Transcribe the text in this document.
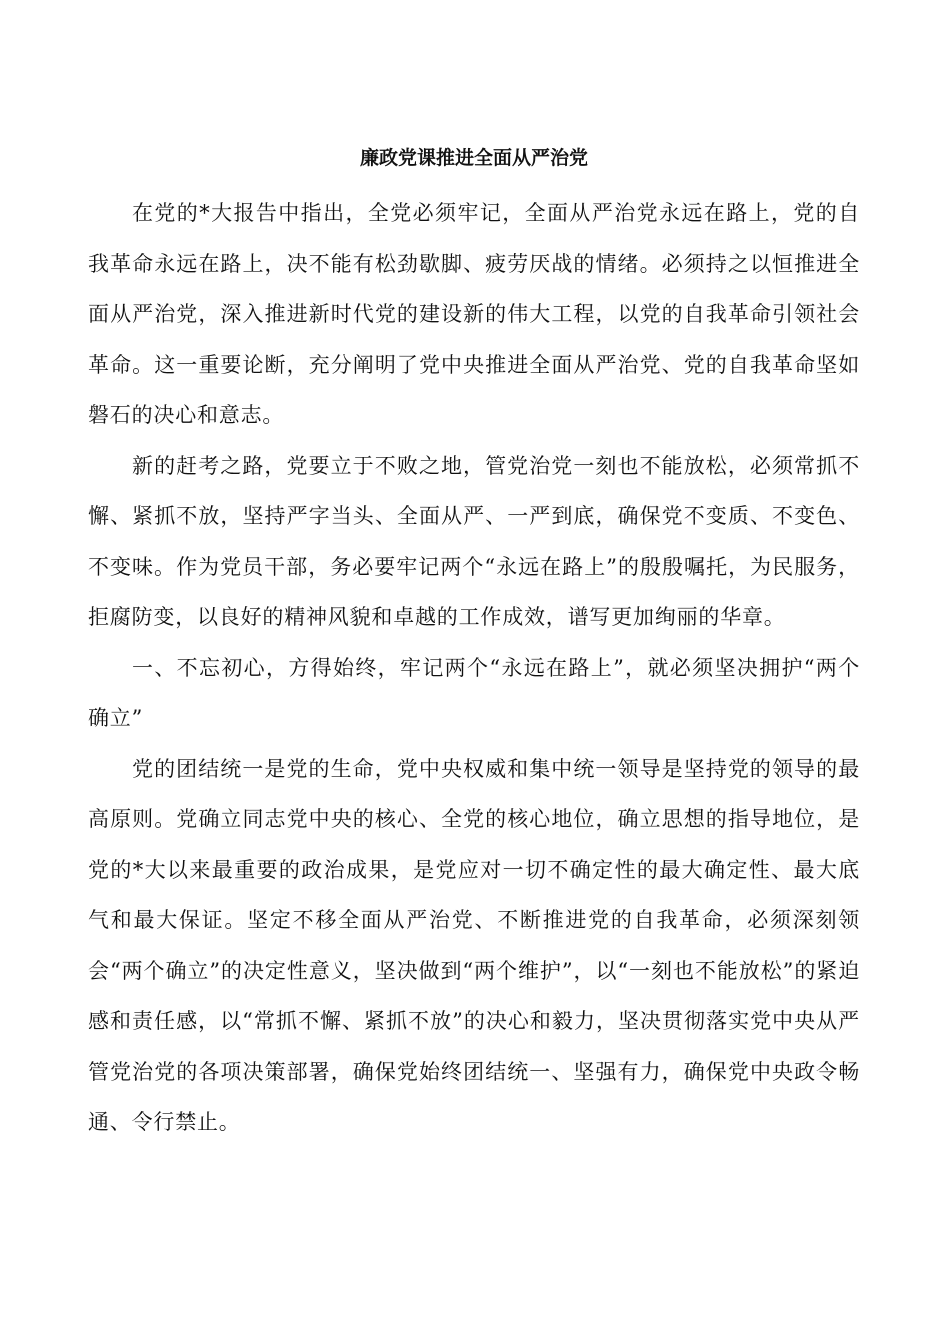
廉政党课推进全面从严治党

在党的*大报告中指出，全党必须牢记，全面从严治党永远在路上，党的自我革命永远在路上，决不能有松劲歇脚、疲劳厌战的情绪。必须持之以恒推进全面从严治党，深入推进新时代党的建设新的伟大工程，以党的自我革命引领社会革命。这一重要论断，充分阐明了党中央推进全面从严治党、党的自我革命坚如磐石的决心和意志。

新的赶考之路，党要立于不败之地，管党治党一刻也不能放松，必须常抓不懈、紧抓不放，坚持严字当头、全面从严、一严到底，确保党不变质、不变色、不变味。作为党员干部，务必要牢记两个“永远在路上”的殷殷嘱托，为民服务，拒腐防变，以良好的精神风貌和卓越的工作成效，谱写更加绚丽的华章。

一、不忘初心，方得始终，牢记两个“永远在路上”，就必须坚决拥护“两个确立”

党的团结统一是党的生命，党中央权威和集中统一领导是坚持党的领导的最高原则。党确立同志党中央的核心、全党的核心地位，确立思想的指导地位，是党的*大以来最重要的政治成果，是党应对一切不确定性的最大确定性、最大底气和最大保证。坚定不移全面从严治党、不断推进党的自我革命，必须深刻领会“两个确立”的决定性意义，坚决做到“两个维护”，以“一刻也不能放松”的紧迫感和责任感，以“常抓不懈、紧抓不放”的决心和毅力，坚决贯彻落实党中央从严管党治党的各项决策部署，确保党始终团结统一、坚强有力，确保党中央政令畅通、令行禁止。
